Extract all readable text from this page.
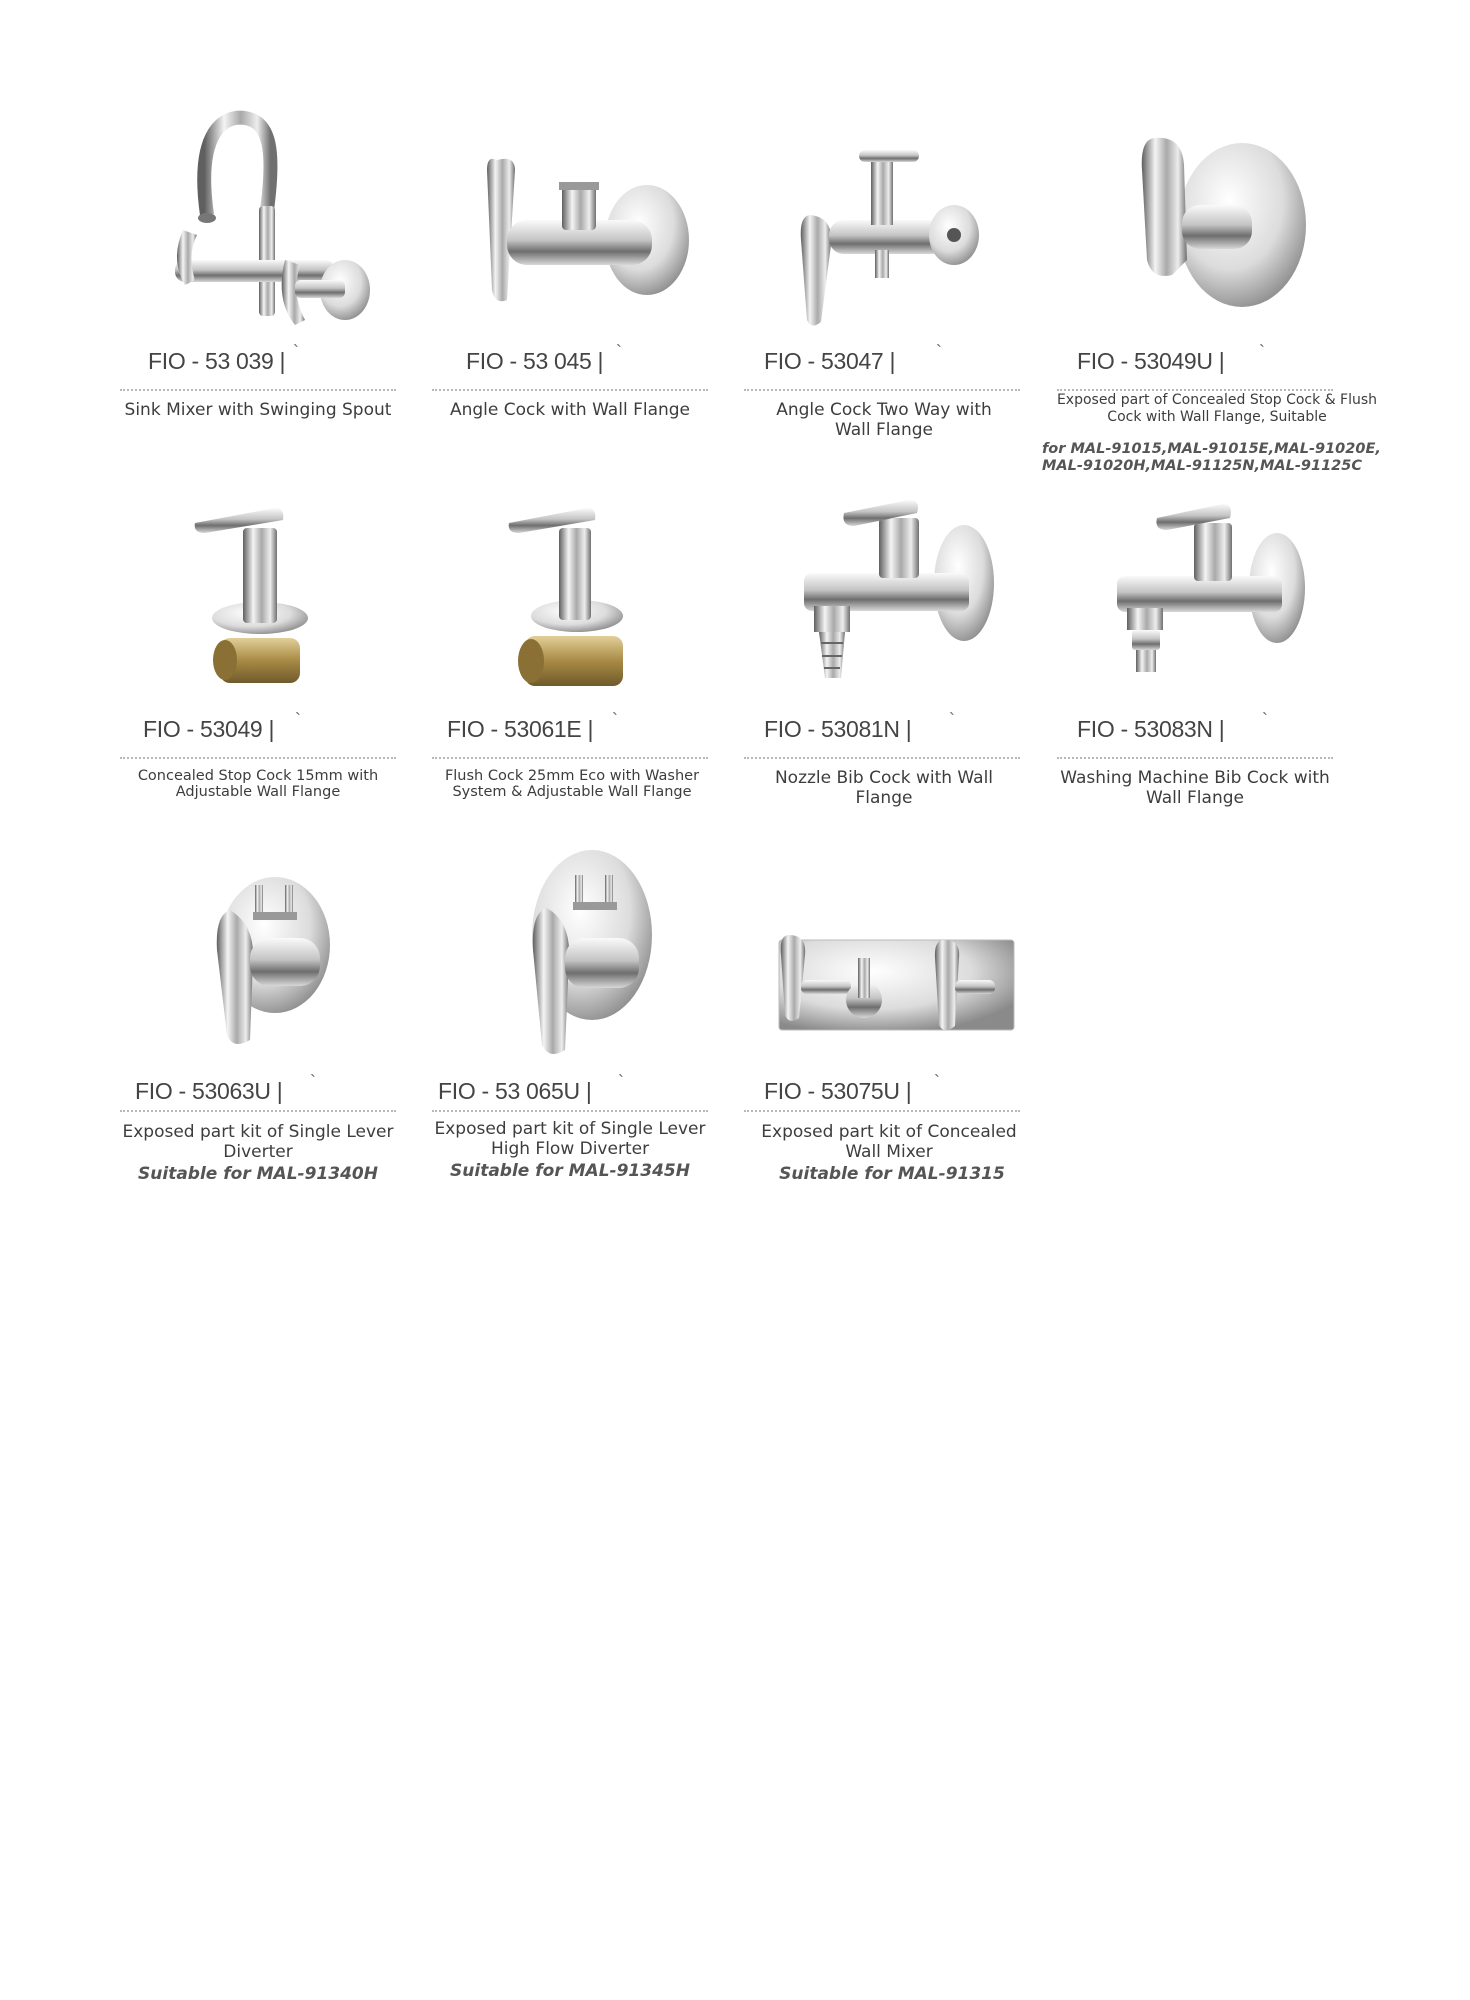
FIO - 53 039 | `
Sink Mixer with Swinging Spout
FIO - 53 045 | `
Angle Cock with Wall Flange
FIO - 53047 | `
Angle Cock Two Way with Wall Flange
FIO - 53049U | `
Exposed part of Concealed Stop Cock & Flush Cock with Wall Flange, Suitable
for MAL-91015,MAL-91015E,MAL-91020E, MAL-91020H,MAL-91125N,MAL-91125C
FIO - 53049 | `
Concealed Stop Cock 15mm with Adjustable Wall Flange
FIO - 53061E | `
Flush Cock 25mm Eco with Washer System & Adjustable Wall Flange
FIO - 53081N | `
Nozzle Bib Cock with Wall Flange
FIO - 53083N | `
Washing Machine Bib Cock with Wall Flange
FIO - 53063U | `
Exposed part kit of Single Lever Diverter
Suitable for MAL-91340H
FIO - 53 065U | `
Exposed part kit of Single Lever High Flow Diverter
Suitable for MAL-91345H
FIO - 53075U | `
Exposed part kit of Concealed Wall Mixer
Suitable for MAL-91315
